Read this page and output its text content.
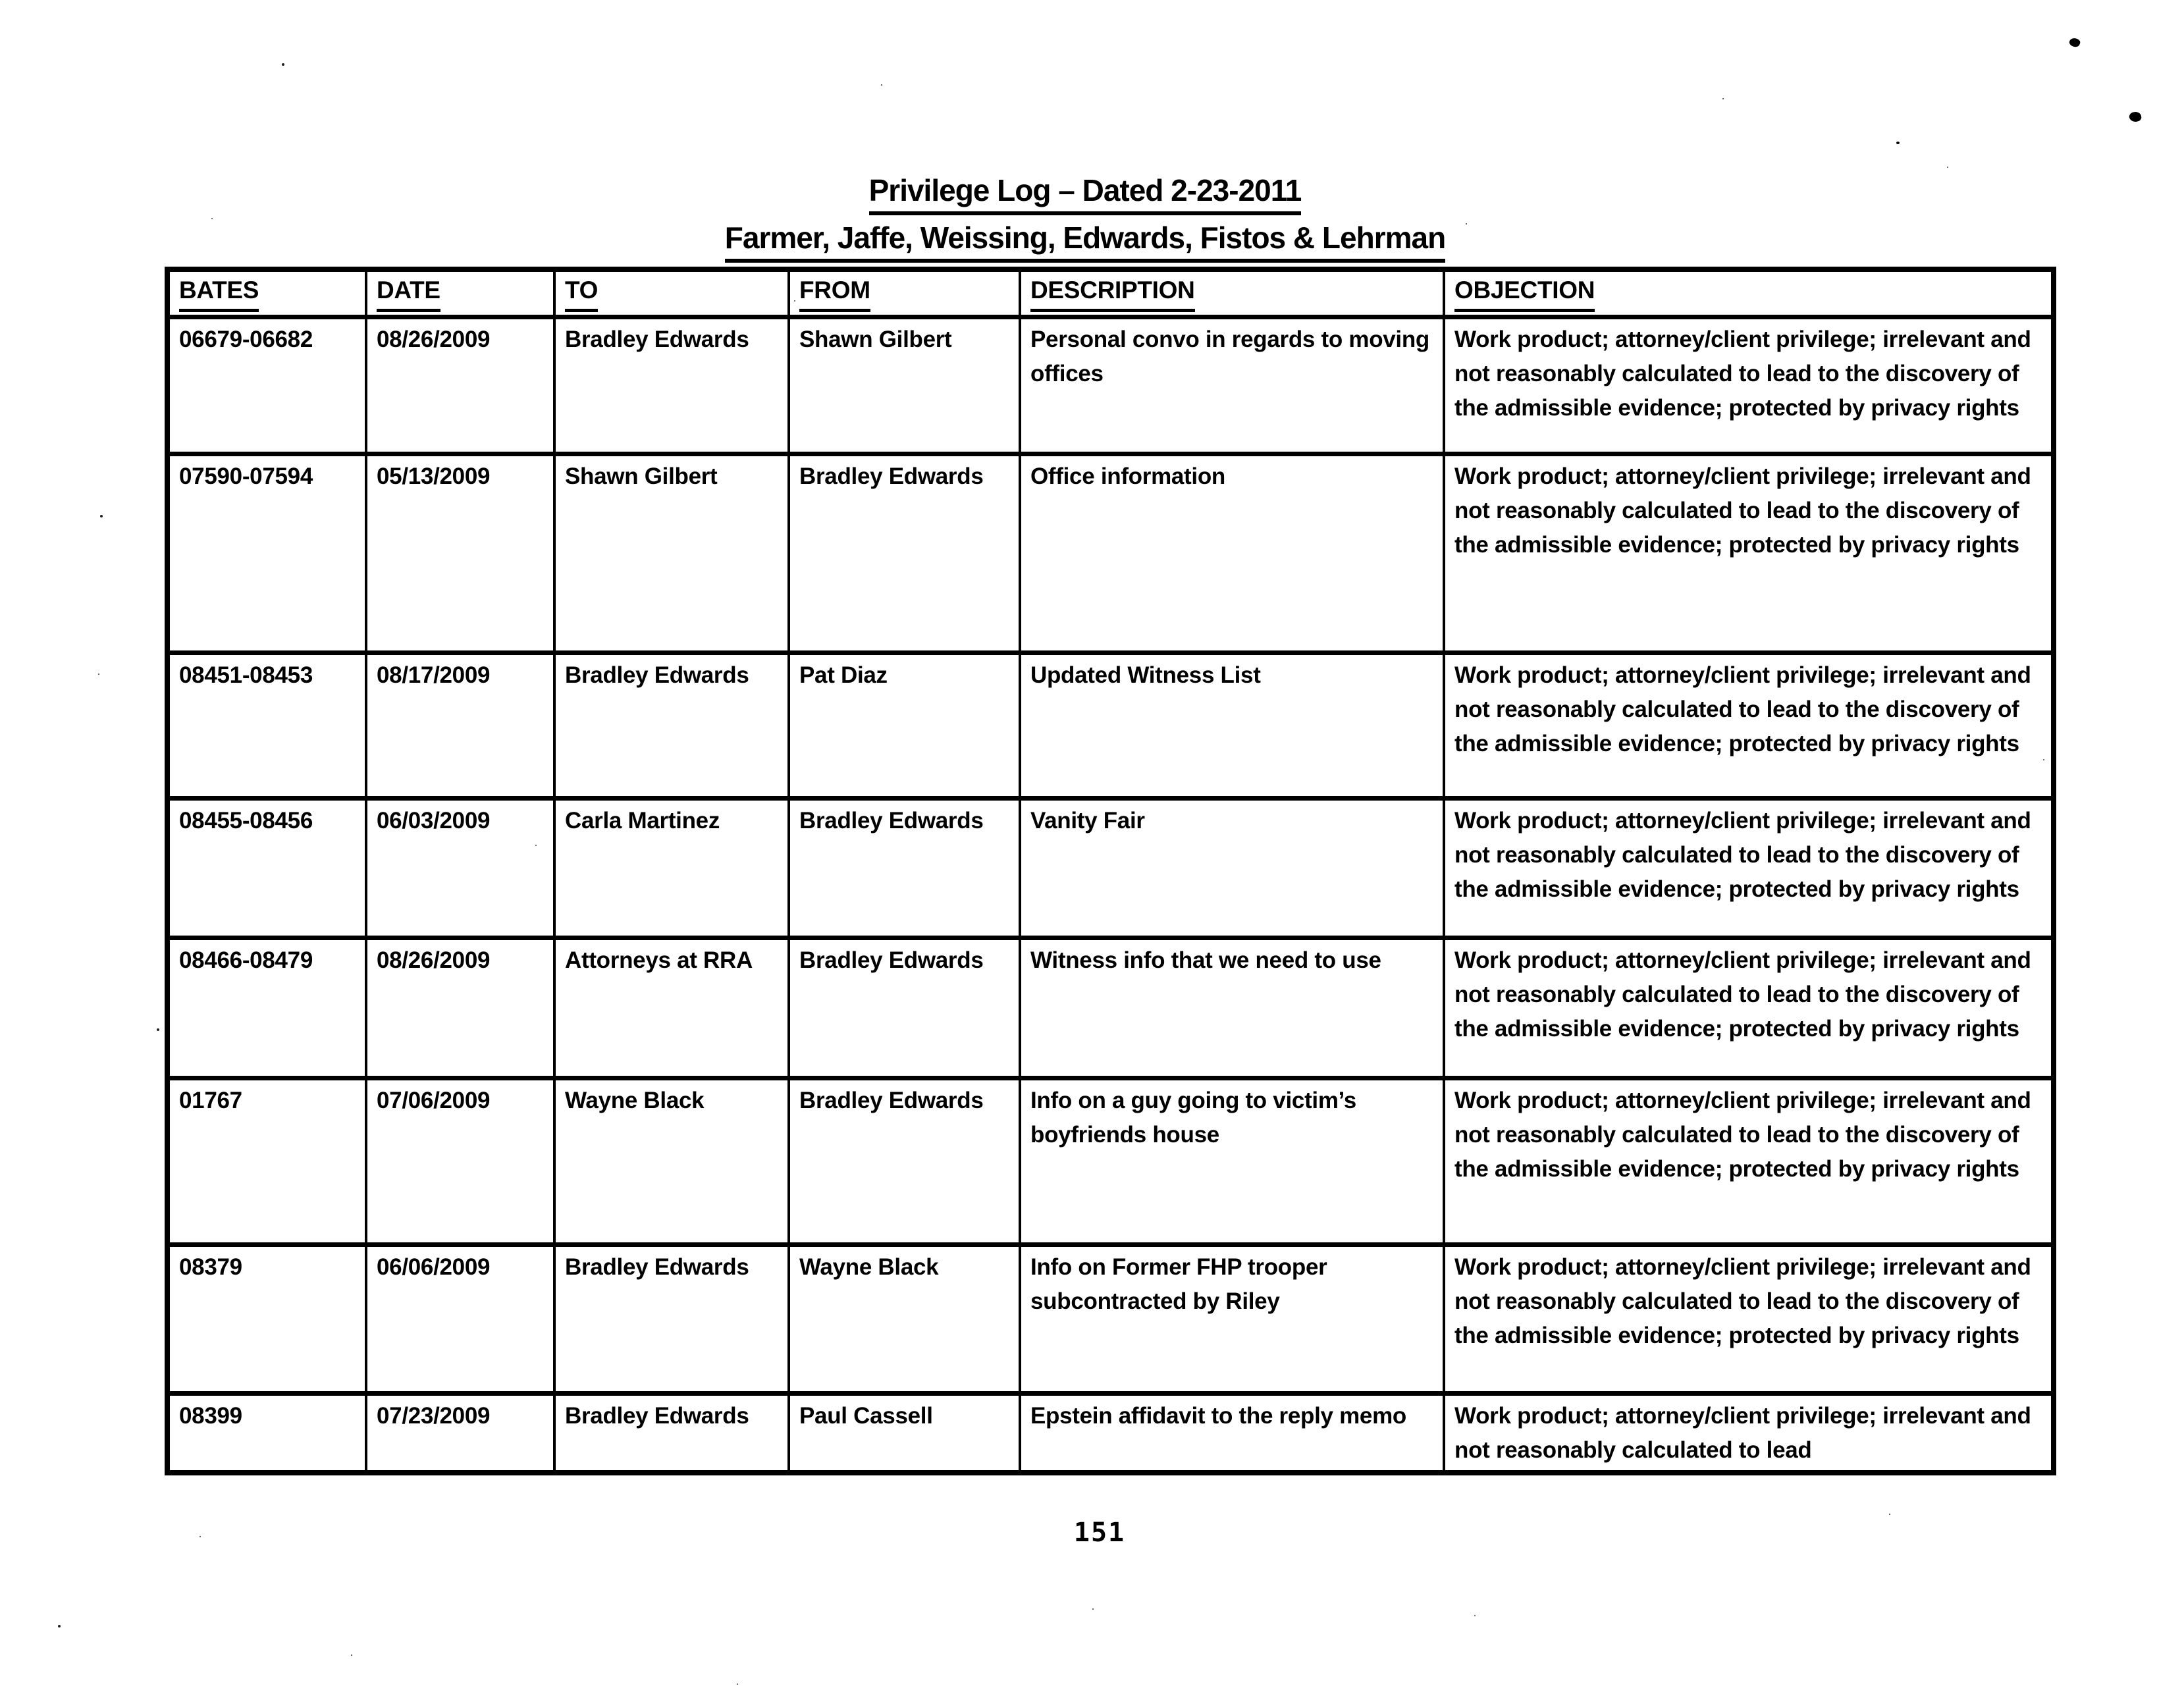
Privilege Log – Dated 2-23-2011
Farmer, Jaffe, Weissing, Edwards, Fistos & Lehrman
BATES	DATE	TO	FROM	DESCRIPTION	OBJECTION
06679-06682	08/26/2009	Bradley Edwards	Shawn Gilbert	Personal convo in regards to moving offices	Work product; attorney/client privilege; irrelevant and not reasonably calculated to lead to the discovery of the admissible evidence; protected by privacy rights
07590-07594	05/13/2009	Shawn Gilbert	Bradley Edwards	Office information	Work product; attorney/client privilege; irrelevant and not reasonably calculated to lead to the discovery of the admissible evidence; protected by privacy rights
08451-08453	08/17/2009	Bradley Edwards	Pat Diaz	Updated Witness List	Work product; attorney/client privilege; irrelevant and not reasonably calculated to lead to the discovery of the admissible evidence; protected by privacy rights
08455-08456	06/03/2009	Carla Martinez	Bradley Edwards	Vanity Fair	Work product; attorney/client privilege; irrelevant and not reasonably calculated to lead to the discovery of the admissible evidence; protected by privacy rights
08466-08479	08/26/2009	Attorneys at RRA	Bradley Edwards	Witness info that we need to use	Work product; attorney/client privilege; irrelevant and not reasonably calculated to lead to the discovery of the admissible evidence; protected by privacy rights
01767	07/06/2009	Wayne Black	Bradley Edwards	Info on a guy going to victim’s boyfriends house	Work product; attorney/client privilege; irrelevant and not reasonably calculated to lead to the discovery of the admissible evidence; protected by privacy rights
08379	06/06/2009	Bradley Edwards	Wayne Black	Info on Former FHP trooper subcontracted by Riley	Work product; attorney/client privilege; irrelevant and not reasonably calculated to lead to the discovery of the admissible evidence; protected by privacy rights
08399	07/23/2009	Bradley Edwards	Paul Cassell	Epstein affidavit to the reply memo	Work product; attorney/client privilege; irrelevant and not reasonably calculated to lead
151
